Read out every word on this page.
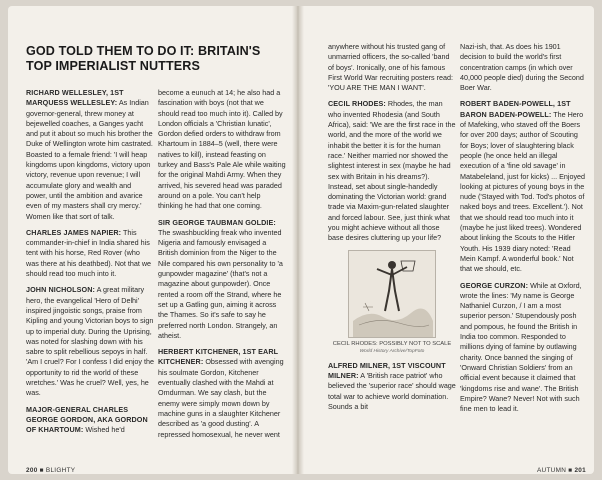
GOD TOLD THEM TO DO IT: BRITAIN'S TOP IMPERIALIST NUTTERS

RICHARD WELLESLEY, 1ST MARQUESS WELLESLEY: As Indian governor-general, threw money at bejewelled coaches, a Ganges yacht and put it about so much his brother the Duke of Wellington wrote him castrated. Boasted to a female friend: 'I will heap kingdoms upon kingdoms, victory upon victory, revenue upon revenue; I will accumulate glory and wealth and power, until the ambition and avarice even of my masters shall cry mercy.' Women like that sort of talk.

CHARLES JAMES NAPIER: This commander-in-chief in India shared his tent with his horse, Red Rover (who was there at his deathbed). Not that we should read too much into it.

JOHN NICHOLSON: A great military hero, the evangelical 'Hero of Delhi' inspired jingoistic songs, praise from Kipling and young Victorian boys to sign up to imperial duty. During the Uprising, was noted for slashing down with his sabre to split rebellious sepoys in half. 'Am I cruel? For I confess I did enjoy the opportunity to rid the world of these wretches.' Was he cruel? Well, yes, he was.

MAJOR-GENERAL CHARLES GEORGE GORDON, AKA GORDON OF KHARTOUM: Wished he'd

become a eunuch at 14; he also had a fascination with boys (not that we should read too much into it). Called by London officials a 'Christian lunatic', Gordon defied orders to withdraw from Khartoum in 1884–5 (well, there were natives to kill), instead feasting on turkey and Bass's Pale Ale while waiting for the original Mahdi Army. When they arrived, his severed head was paraded around on a pole. You can't help thinking he had that one coming.

SIR GEORGE TAUBMAN GOLDIE: The swashbuckling freak who invented Nigeria and famously envisaged a British dominion from the Niger to the Nile compared his own personality to 'a gunpowder magazine' (that's not a magazine about gunpowder). Once rented a room off the Strand, where he set up a Gatling gun, aiming it across the Thames. So it's safe to say he preferred north London. Strangely, an atheist.

HERBERT KITCHENER, 1ST EARL KITCHENER: Obsessed with avenging his soulmate Gordon, Kitchener eventually clashed with the Mahdi at Omdurman. We say clash, but the enemy were simply mown down by machine guns in a slaughter Kitchener described as 'a good dusting'. A repressed homosexual, he never went

anywhere without his trusted gang of unmarried officers, the so-called 'band of boys'. Ironically, one of his famous First World War recruiting posters read: 'YOU ARE THE MAN I WANT'.

CECIL RHODES: Rhodes, the man who invented Rhodesia (and South Africa), said: 'We are the first race in the world, and the more of the world we inhabit the better it is for the human race.' Neither married nor showed the slightest interest in sex (maybe he had sex with Britain in his dreams?). Instead, set about single-handedly dominating the Victorian world: grand trade via Maxim-gun-related slaughter and forced labour. See, just think what you might achieve without all those base desires cluttering up your life?

CECIL RHODES: POSSIBLY NOT TO SCALE
World History Archive/TopFoto

ALFRED MILNER, 1ST VISCOUNT MILNER: A 'British race patriot' who believed the 'superior race' should wage total war to achieve world domination. Sounds a bit

Nazi-ish, that. As does his 1901 decision to build the world's first concentration camps (in which over 40,000 people died) during the Second Boer War.

ROBERT BADEN-POWELL, 1ST BARON BADEN-POWELL: The Hero of Mafeking, who staved off the Boers for over 200 days; author of Scouting for Boys; lover of slaughtering black people (he once held an illegal execution of a 'fine old savage' in Matabeleland, just for kicks) ... Enjoyed looking at pictures of young boys in the nude ('Stayed with Tod. Tod's photos of naked boys and trees. Excellent.'). Not that we should read too much into it (maybe he just liked trees). Wondered about linking the Scouts to the Hitler Youth. His 1939 diary noted: 'Read Mein Kampf. A wonderful book.' Not that we should, etc.

GEORGE CURZON: While at Oxford, wrote the lines: 'My name is George Nathaniel Curzon, / I am a most superior person.' Stupendously posh and pompous, he found the British in India too common. Responded to millions dying of famine by outlawing charity. Once banned the singing of 'Onward Christian Soldiers' from an official event because it claimed that 'kingdoms rise and wane'. The British Empire? Wane? Never! Not with such fine men to lead it.

200 ■ BLIGHTY	AUTUMN ■ 201
